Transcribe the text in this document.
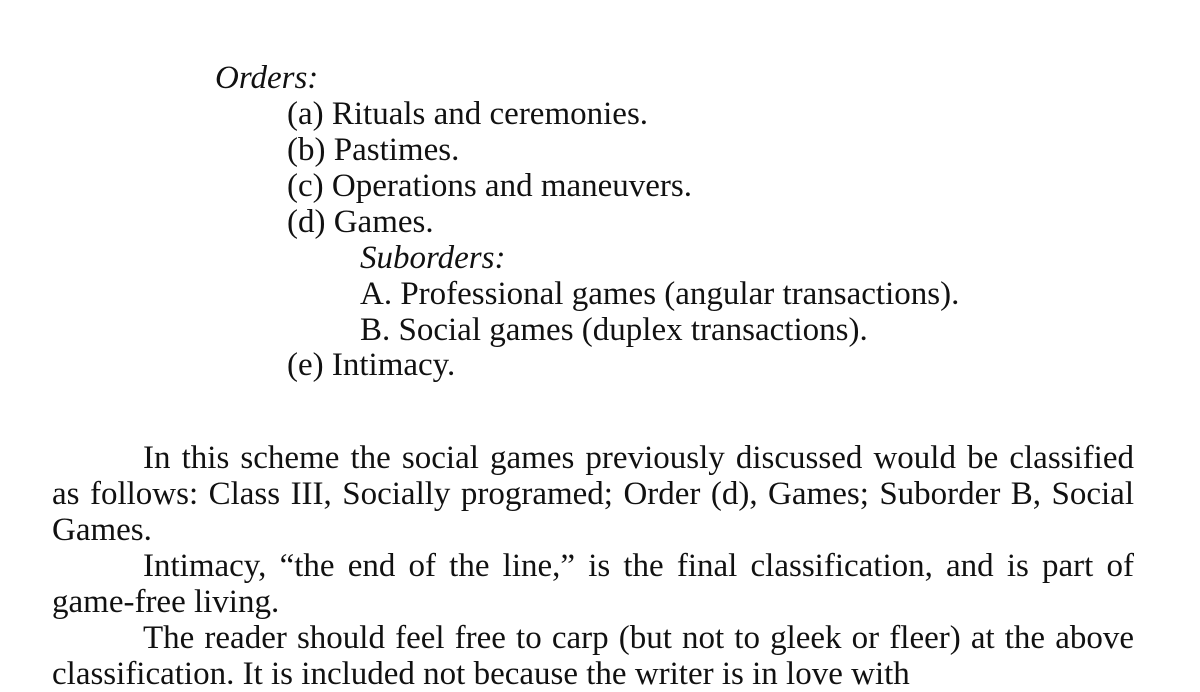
Orders:
(a) Rituals and ceremonies.
(b) Pastimes.
(c) Operations and maneuvers.
(d) Games.
Suborders:
A. Professional games (angular transactions).
B. Social games (duplex transactions).
(e) Intimacy.

In this scheme the social games previously discussed would be classified as follows: Class III, Socially programed; Order (d), Games; Suborder B, Social Games.

Intimacy, “the end of the line,” is the final classification, and is part of game-free living.

The reader should feel free to carp (but not to gleek or fleer) at the above classification. It is included not because the writer is in love with
